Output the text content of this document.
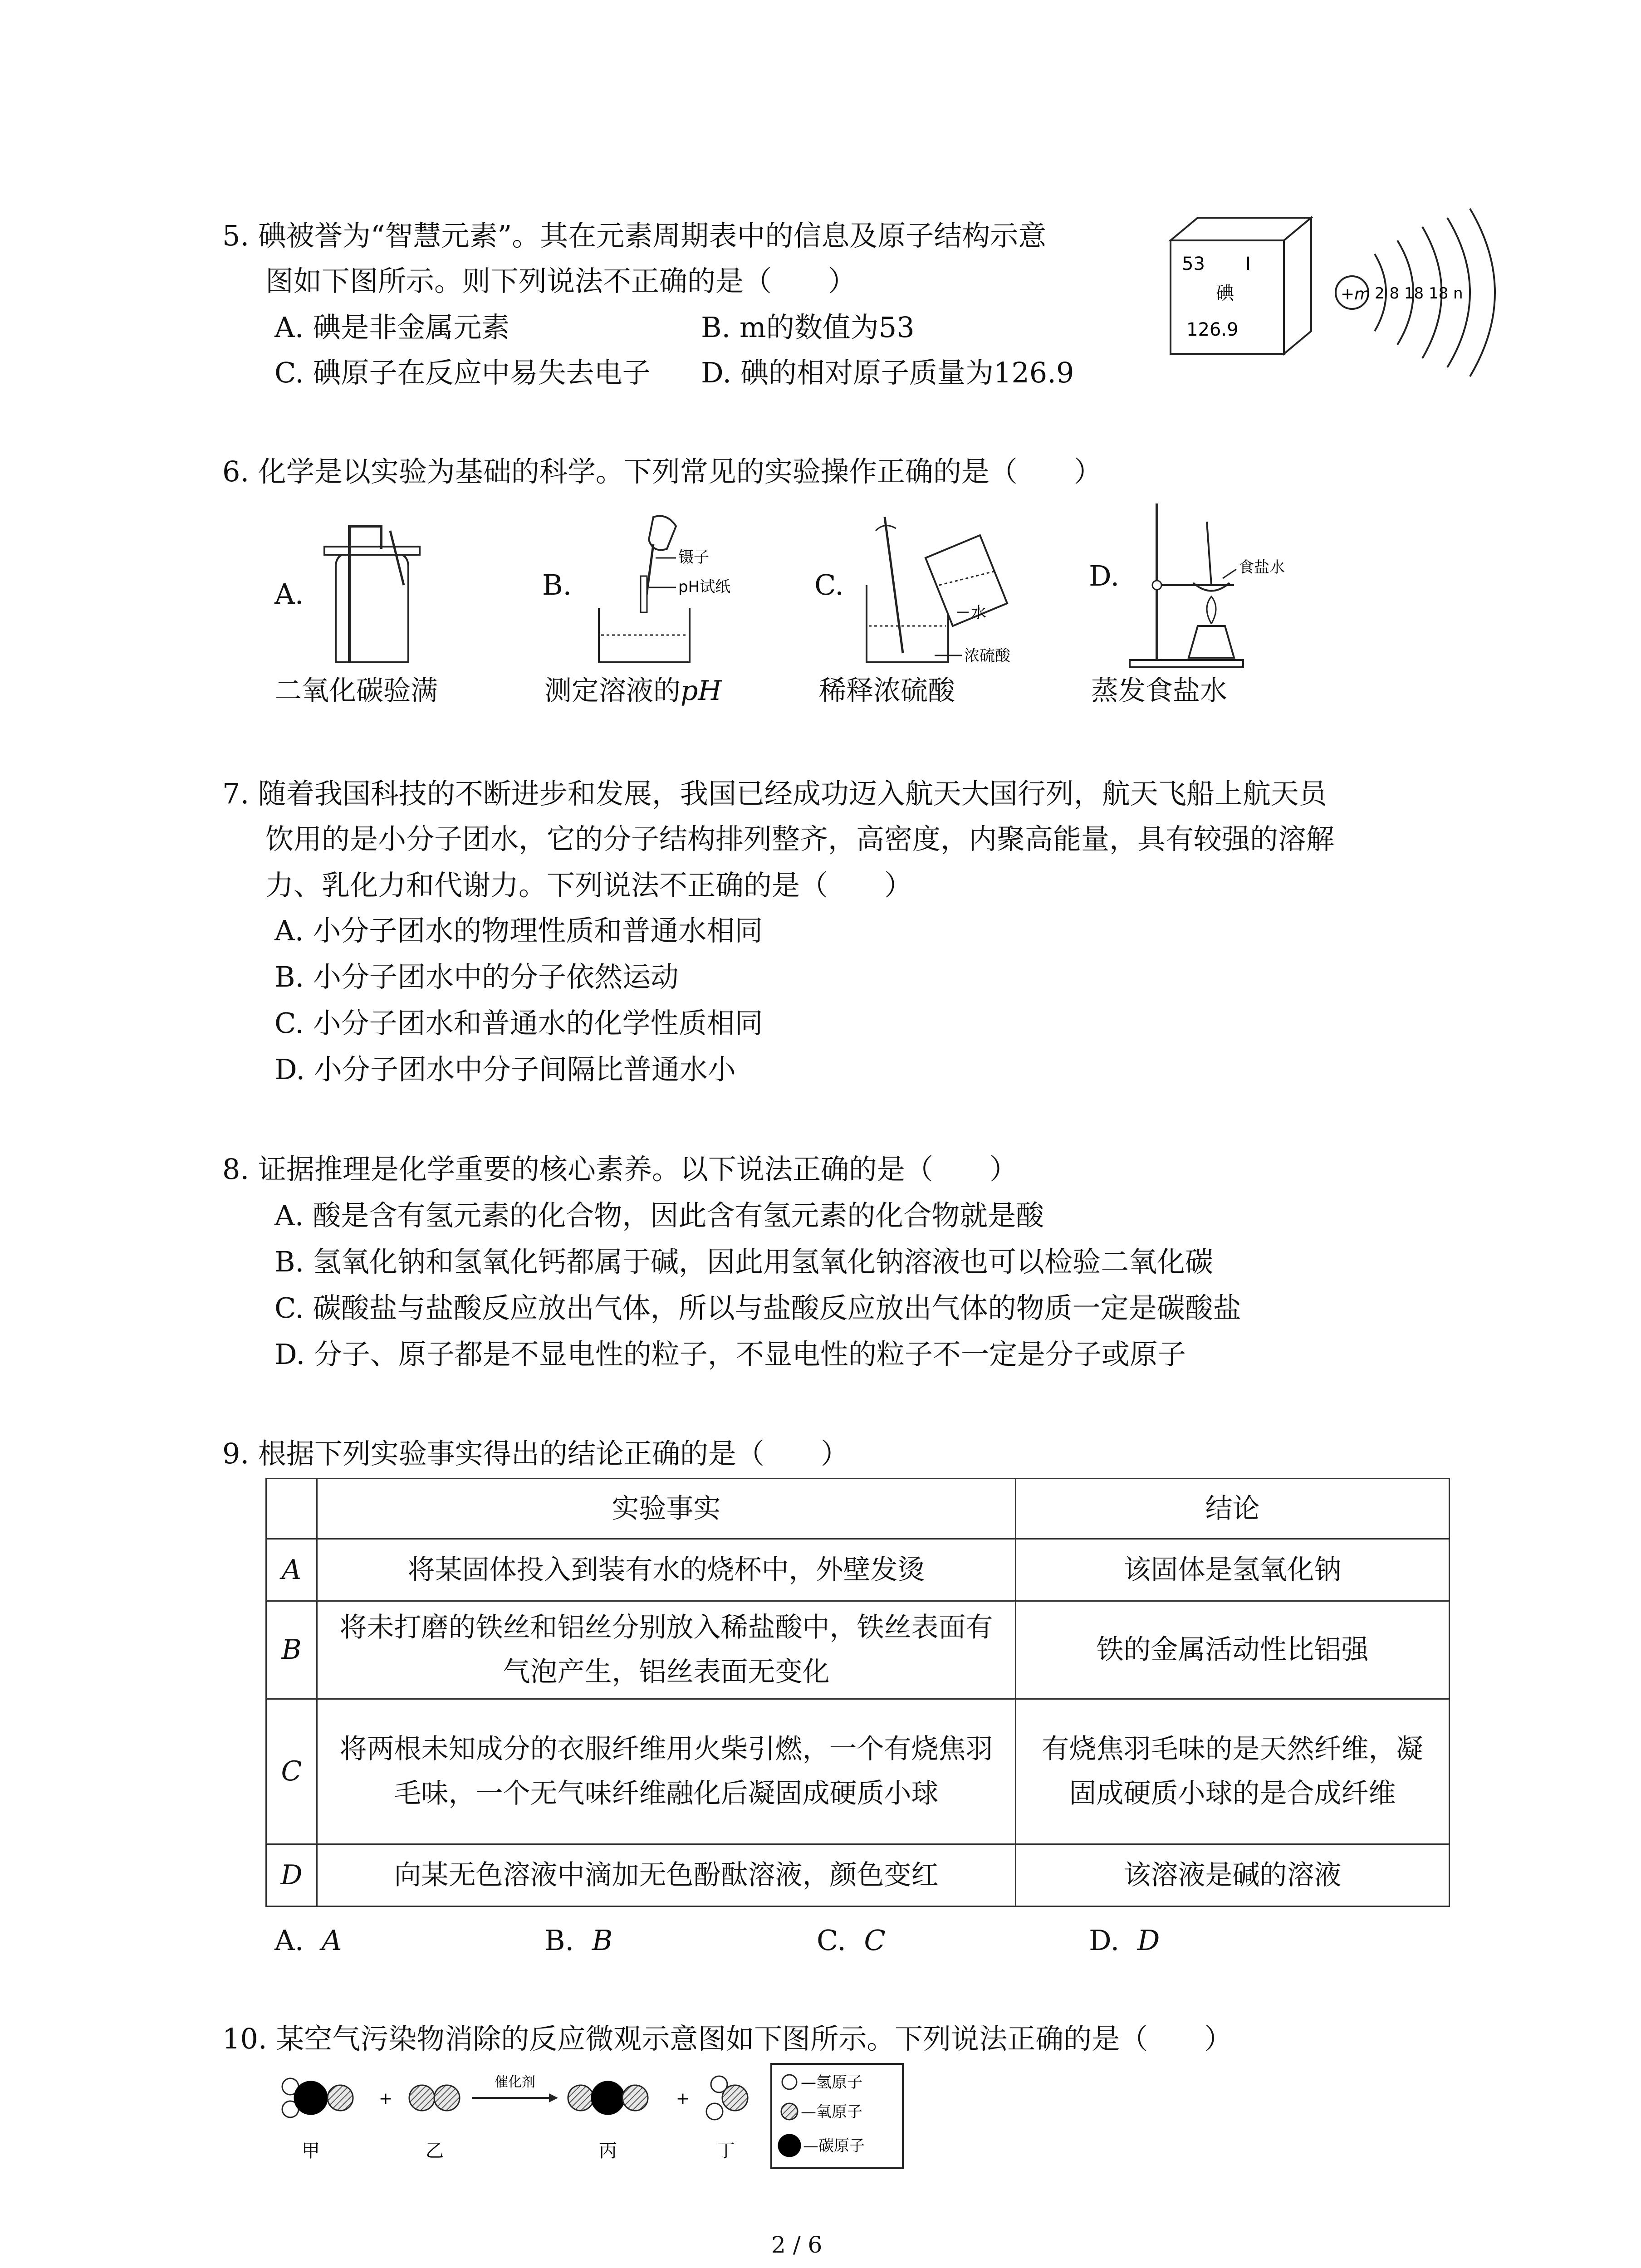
5. 碘被誉为“智慧元素”。其在元素周期表中的信息及原子结构示意
图如下图所示。则下列说法不正确的是（　　）
A. 碘是非金属元素	B. m的数值为53
C. 碘原子在反应中易失去电子 D. 碘的相对原子质量为126.9
53 I
碘
126.9
+m 2 8 18 18 n
6. 化学是以实验为基础的科学。下列常见的实验操作正确的是（　　）
A.
二氧化碳验满
B.
镊子
pH试纸
测定溶液的pH
C.
水
浓硫酸
稀释浓硫酸
D.	食盐水
蒸发食盐水
7. 随着我国科技的不断进步和发展，我国已经成功迈入航天大国行列，航天飞船上航天员
饮用的是小分子团水，它的分子结构排列整齐，高密度，内聚高能量，具有较强的溶解
力、乳化力和代谢力。下列说法不正确的是（　　）
A. 小分子团水的物理性质和普通水相同
B. 小分子团水中的分子依然运动
C. 小分子团水和普通水的化学性质相同
D. 小分子团水中分子间隔比普通水小
8. 证据推理是化学重要的核心素养。以下说法正确的是（　　）
A. 酸是含有氢元素的化合物，因此含有氢元素的化合物就是酸
B. 氢氧化钠和氢氧化钙都属于碱，因此用氢氧化钠溶液也可以检验二氧化碳
C. 碳酸盐与盐酸反应放出气体，所以与盐酸反应放出气体的物质一定是碳酸盐
D. 分子、原子都是不显电性的粒子，不显电性的粒子不一定是分子或原子
9. 根据下列实验事实得出的结论正确的是（　　）
	实验事实	结论
A	将某固体投入到装有水的烧杯中，外壁发烫	该固体是氢氧化钠
B	将未打磨的铁丝和铝丝分别放入稀盐酸中，铁丝表面有气泡产生，铝丝表面无变化	铁的金属活动性比铝强
C	将两根未知成分的衣服纤维用火柴引燃，一个有烧焦羽毛味，一个无气味纤维融化后凝固成硬质小球	有烧焦羽毛味的是天然纤维，凝固成硬质小球的是合成纤维
D	向某无色溶液中滴加无色酚酞溶液，颜色变红	该溶液是碱的溶液
A. A	B. B	C. C	D. D
10. 某空气污染物消除的反应微观示意图如下图所示。下列说法正确的是（　　）
甲
+
乙
催化剂
丙
+
丁
—氢原子
—氧原子
—碳原子
2 / 6
